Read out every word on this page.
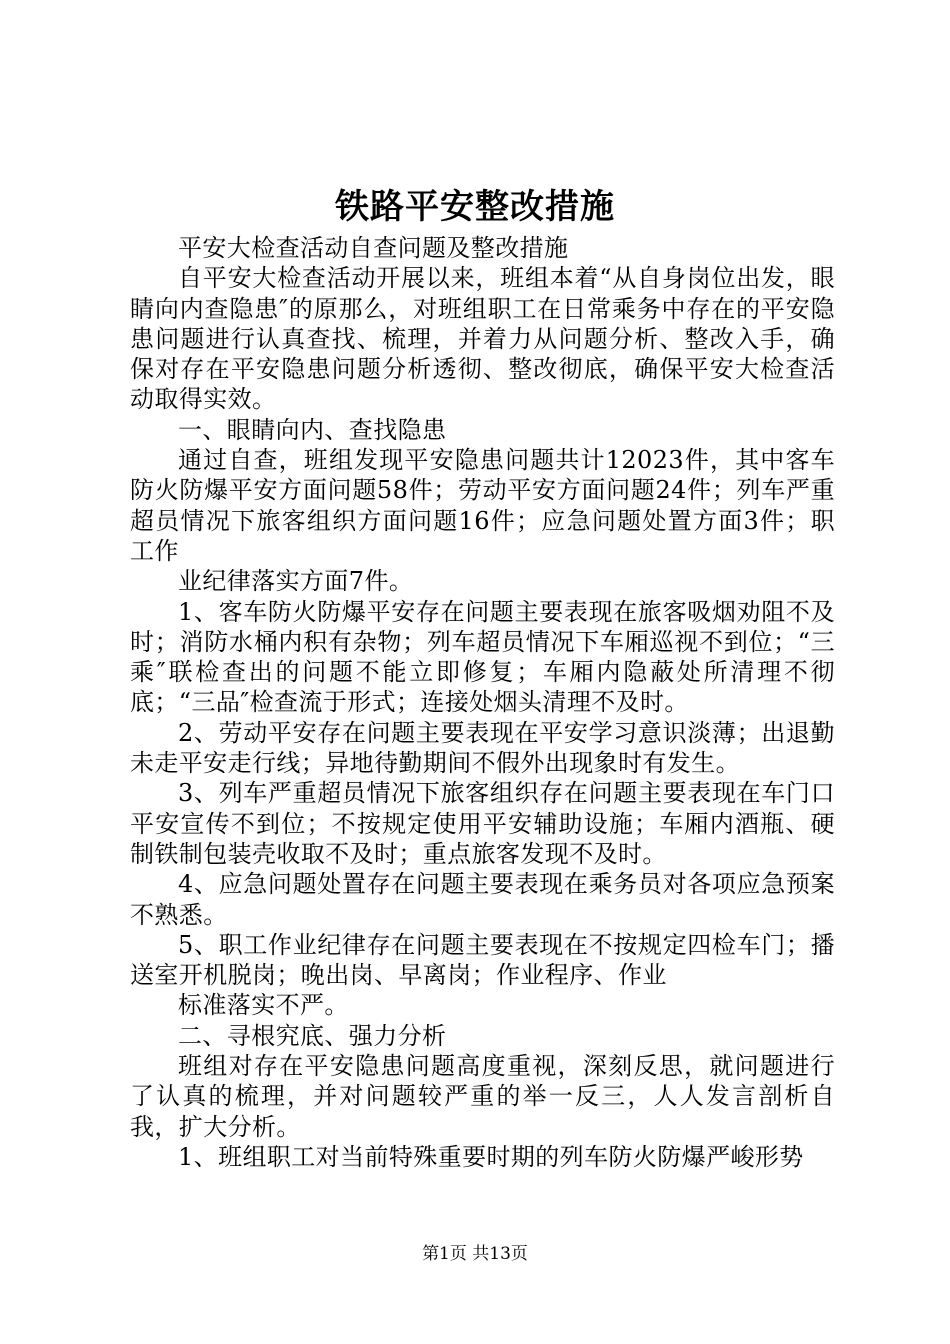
铁路平安整改措施

平安大检查活动自查问题及整改措施

自平安大检查活动开展以来，班组本着“从自身岗位出发，眼睛向内查隐患″的原那么，对班组职工在日常乘务中存在的平安隐患问题进行认真查找、梳理，并着力从问题分析、整改入手，确保对存在平安隐患问题分析透彻、整改彻底，确保平安大检查活动取得实效。

一、眼睛向内、查找隐患

通过自查，班组发现平安隐患问题共计12023件，其中客车防火防爆平安方面问题58件；劳动平安方面问题24件；列车严重超员情况下旅客组织方面问题16件；应急问题处置方面3件；职工作

业纪律落实方面7件。

1、客车防火防爆平安存在问题主要表现在旅客吸烟劝阻不及时；消防水桶内积有杂物；列车超员情况下车厢巡视不到位；“三乘″联检查出的问题不能立即修复；车厢内隐蔽处所清理不彻底；“三品″检查流于形式；连接处烟头清理不及时。

2、劳动平安存在问题主要表现在平安学习意识淡薄；出退勤未走平安走行线；异地待勤期间不假外出现象时有发生。

3、列车严重超员情况下旅客组织存在问题主要表现在车门口平安宣传不到位；不按规定使用平安辅助设施；车厢内酒瓶、硬制铁制包装壳收取不及时；重点旅客发现不及时。

4、应急问题处置存在问题主要表现在乘务员对各项应急预案不熟悉。

5、职工作业纪律存在问题主要表现在不按规定四检车门；播送室开机脱岗；晚出岗、早离岗；作业程序、作业

标准落实不严。

二、寻根究底、强力分析

班组对存在平安隐患问题高度重视，深刻反思，就问题进行了认真的梳理，并对问题较严重的举一反三，人人发言剖析自我，扩大分析。

1、班组职工对当前特殊重要时期的列车防火防爆严峻形势

第1页 共13页
